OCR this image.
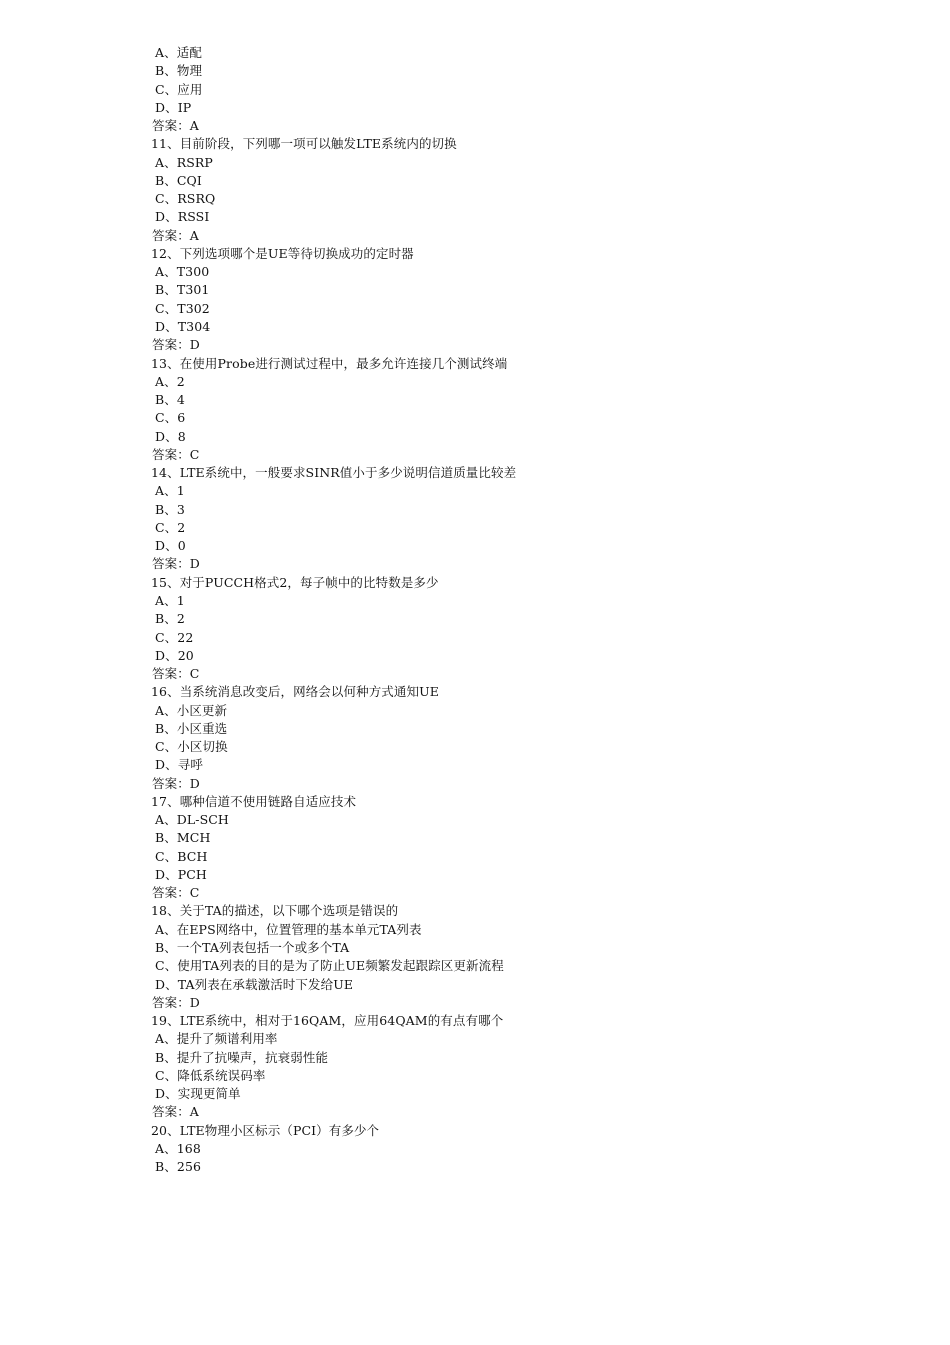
A、适配
B、物理
C、应用
D、IP
答案：A
11、目前阶段，下列哪一项可以触发LTE系统内的切换
A、RSRP
B、CQI
C、RSRQ
D、RSSI
答案：A
12、下列选项哪个是UE等待切换成功的定时器
A、T300
B、T301
C、T302
D、T304
答案：D
13、在使用Probe进行测试过程中，最多允许连接几个测试终端
A、2
B、4
C、6
D、8
答案：C
14、LTE系统中，一般要求SINR值小于多少说明信道质量比较差
A、1
B、3
C、2
D、0
答案：D
15、对于PUCCH格式2，每子帧中的比特数是多少
A、1
B、2
C、22
D、20
答案：C
16、当系统消息改变后，网络会以何种方式通知UE
A、小区更新
B、小区重选
C、小区切换
D、寻呼
答案：D
17、哪种信道不使用链路自适应技术
A、DL-SCH
B、MCH
C、BCH
D、PCH
答案：C
18、关于TA的描述，以下哪个选项是错误的
A、在EPS网络中，位置管理的基本单元TA列表
B、一个TA列表包括一个或多个TA
C、使用TA列表的目的是为了防止UE频繁发起跟踪区更新流程
D、TA列表在承载激活时下发给UE
答案：D
19、LTE系统中，相对于16QAM，应用64QAM的有点有哪个
A、提升了频谱利用率
B、提升了抗噪声，抗衰弱性能
C、降低系统误码率
D、实现更简单
答案：A
20、LTE物理小区标示（PCI）有多少个
A、168
B、256
